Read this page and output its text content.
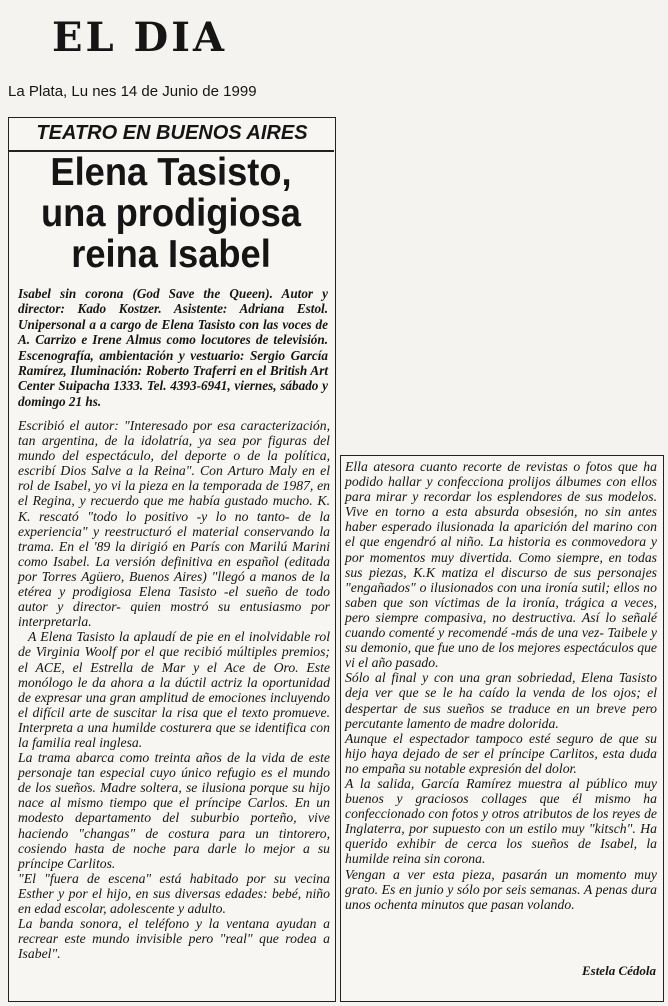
EL DIA
La Plata, Lu nes 14 de Junio de 1999
TEATRO EN BUENOS AIRES
Elena Tasisto,
una prodigiosa
reina Isabel
Isabel sin corona (God Save the Queen). Autor y director: Kado Kostzer. Asistente: Adriana Estol. Unipersonal a a cargo de Elena Tasisto con las voces de A. Carrizo e Irene Almus como locutores de televisión. Escenografía, ambientación y vestuario: Sergio García Ramírez, Iluminación: Roberto Traferri en el British Art Center Suipacha 1333. Tel. 4393-6941, viernes, sábado y domingo 21 hs.

Escribió el autor: "Interesado por esa caracterización, tan argentina, de la idolatría, ya sea por figuras del mundo del espectáculo, del deporte o de la política, escribí Dios Salve a la Reina". Con Arturo Maly en el rol de Isabel, yo vi la pieza en la temporada de 1987, en el Regina, y recuerdo que me había gustado mucho. K. K. rescató "todo lo positivo -y lo no tanto- de la experiencia" y reestructuró el material conservando la trama. En el '89 la dirigió en París con Marilú Marini como Isabel. La versión definitiva en español (editada por Torres Agüero, Buenos Aires) "llegó a manos de la etérea y prodigiosa Elena Tasisto -el sueño de todo autor y director- quien mostró su entusiasmo por interpretarla.

A Elena Tasisto la aplaudí de pie en el inolvidable rol de Virginia Woolf por el que recibió múltiples premios; el ACE, el Estrella de Mar y el Ace de Oro. Este monólogo le da ahora a la dúctil actriz la oportunidad de expresar una gran amplitud de emociones incluyendo el difícil arte de suscitar la risa que el texto promueve. Interpreta a una humilde costurera que se identifica con la familia real inglesa.

La trama abarca como treinta años de la vida de este personaje tan especial cuyo único refugio es el mundo de los sueños. Madre soltera, se ilusiona porque su hijo nace al mismo tiempo que el príncipe Carlos. En un modesto departamento del suburbio porteño, vive haciendo "changas" de costura para un tintorero, cosiendo hasta de noche para darle lo mejor a su príncipe Carlitos.

"El "fuera de escena" está habitado por su vecina Esther y por el hijo, en sus diversas edades: bebé, niño en edad escolar, adolescente y adulto.

La banda sonora, el teléfono y la ventana ayudan a recrear este mundo invisible pero "real" que rodea a Isabel".

Ella atesora cuanto recorte de revistas o fotos que ha podido hallar y confecciona prolijos álbumes con ellos para mirar y recordar los esplendores de sus modelos. Vive en torno a esta absurda obsesión, no sin antes haber esperado ilusionada la aparición del marino con el que engendró al niño. La historia es conmovedora y por momentos muy divertida. Como siempre, en todas sus piezas, K.K matiza el discurso de sus personajes "engañados" o ilusionados con una ironía sutil; ellos no saben que son víctimas de la ironía, trágica a veces, pero siempre compasiva, no destructiva. Así lo señalé cuando comenté y recomendé -más de una vez- Taibele y su demonio, que fue uno de los mejores espectáculos que vi el año pasado.

Sólo al final y con una gran sobriedad, Elena Tasisto deja ver que se le ha caído la venda de los ojos; el despertar de sus sueños se traduce en un breve pero percutante lamento de madre dolorida.

Aunque el espectador tampoco esté seguro de que su hijo haya dejado de ser el príncipe Carlitos, esta duda no empaña su notable expresión del dolor.

A la salida, García Ramírez muestra al público muy buenos y graciosos collages que él mismo ha confeccionado con fotos y otros atributos de los reyes de Inglaterra, por supuesto con un estilo muy "kitsch". Ha querido exhibir de cerca los sueños de Isabel, la humilde reina sin corona.

Vengan a ver esta pieza, pasarán un momento muy grato. Es en junio y sólo por seis semanas. A penas dura unos ochenta minutos que pasan volando.

Estela Cédola
